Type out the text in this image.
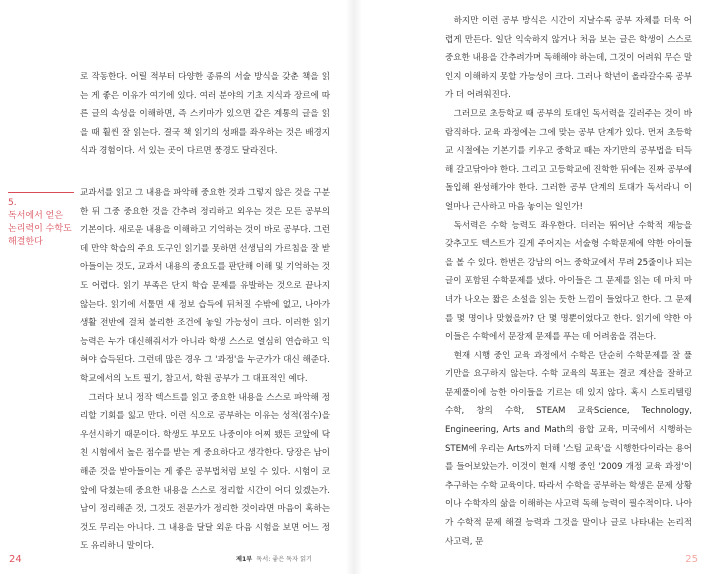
로 작동한다. 어릴 적부터 다양한 종류의 서술 방식을 갖춘 책을 읽는 게 좋은 이유가 여기에 있다. 여러 분야의 기초 지식과 장르에 따른 글의 속성을 이해하면, 즉 스키마가 있으면 같은 계통의 글을 읽을 때 훨씬 잘 읽는다. 결국 책 읽기의 성패를 좌우하는 것은 배경지식과 경험이다. 서 있는 곳이 다르면 풍경도 달라진다.

5.
독서에서 얻은 논리력이 수학도 해결한다

교과서를 읽고 그 내용을 파악해 중요한 것과 그렇지 않은 것을 구분한 뒤 그중 중요한 것을 간추려 정리하고 외우는 것은 모든 공부의 기본이다. 새로운 내용을 이해하고 기억하는 것이 바로 공부다. 그런데 만약 학습의 주요 도구인 읽기를 못하면 선생님의 가르침을 잘 받아들이는 것도, 교과서 내용의 중요도를 판단해 이해 및 기억하는 것도 어렵다. 읽기 부족은 단지 학습 문제를 유발하는 것으로 끝나지 않는다. 읽기에 서툴면 새 정보 습득에 뒤처질 수밖에 없고, 나아가 생활 전반에 걸쳐 불리한 조건에 놓일 가능성이 크다. 이러한 읽기 능력은 누가 대신해줘서가 아니라 학생 스스로 열심히 연습하고 익혀야 습득된다. 그런데 많은 경우 그 '과정'을 누군가가 대신 해준다. 학교에서의 노트 필기, 참고서, 학원 공부가 그 대표적인 예다.

그러다 보니 정작 텍스트를 읽고 중요한 내용을 스스로 파악해 정리할 기회를 잃고 만다. 이런 식으로 공부하는 이유는 성적(점수)을 우선시하기 때문이다. 학생도 부모도 나중이야 어찌 됐든 코앞에 닥친 시험에서 높은 점수를 받는 게 중요하다고 생각한다. 당장은 남이 해준 것을 받아들이는 게 좋은 공부법처럼 보일 수 있다. 시험이 코앞에 닥쳤는데 중요한 내용을 스스로 정리할 시간이 어디 있겠는가. 남이 정리해준 것, 그것도 전문가가 정리한 것이라면 마음이 혹하는 것도 무리는 아니다. 그 내용을 달달 외운 다음 시험을 보면 어느 정도 유리하니 말이다.

24	제1부 독서: 좋은 독자 읽기

하지만 이런 공부 방식은 시간이 지날수록 공부 자체를 더욱 어렵게 만든다. 일단 익숙하지 않거나 처음 보는 글은 학생이 스스로 중요한 내용을 간추려가며 독해해야 하는데, 그것이 어려워 무슨 말인지 이해하지 못할 가능성이 크다. 그러나 학년이 올라갈수록 공부가 더 어려워진다.

그러므로 초등학교 때 공부의 토대인 독서력을 길러주는 것이 바람직하다. 교육 과정에는 그에 맞는 공부 단계가 있다. 먼저 초등학교 시절에는 기본기를 키우고 중학교 때는 자기만의 공부법을 터득해 갈고닦아야 한다. 그리고 고등학교에 진학한 뒤에는 진짜 공부에 돌입해 완성해가야 한다. 그러한 공부 단계의 토대가 독서라니 이 얼마나 근사하고 마음 놓이는 일인가!

독서력은 수학 능력도 좌우한다. 더러는 뛰어난 수학적 재능을 갖추고도 텍스트가 길게 주어지는 서술형 수학문제에 약한 아이들을 볼 수 있다. 한번은 강남의 어느 중학교에서 무려 25줄이나 되는 글이 포함된 수학문제를 냈다. 아이들은 그 문제를 읽는 데 마치 마녀가 나오는 짧은 소설을 읽는 듯한 느낌이 들었다고 한다. 그 문제를 몇 명이나 맞혔을까? 단 몇 명뿐이었다고 한다. 읽기에 약한 아이들은 수학에서 문장제 문제를 푸는 데 어려움을 겪는다.

현재 시행 중인 교육 과정에서 수학은 단순히 수학문제를 잘 풀기만을 요구하지 않는다. 수학 교육의 목표는 결코 계산을 잘하고 문제풀이에 능한 아이들을 기르는 데 있지 않다. 혹시 스토리텔링 수학, 창의 수학, STEAM 교육Science, Technology, Engineering, Arts and Math의 융합 교육, 미국에서 시행하는 STEM에 우리는 Arts까지 더해 '스팀 교육'을 시행한다이라는 용어를 들어보았는가. 이것이 현재 시행 중인 '2009 개정 교육 과정'이 추구하는 수학 교육이다. 따라서 수학을 공부하는 학생은 문제 상황이나 수학자의 삶을 이해하는 사고력 독해 능력이 필수적이다. 나아가 수학적 문제 해결 능력과 그것을 말이나 글로 나타내는 논리적 사고력, 문

25
